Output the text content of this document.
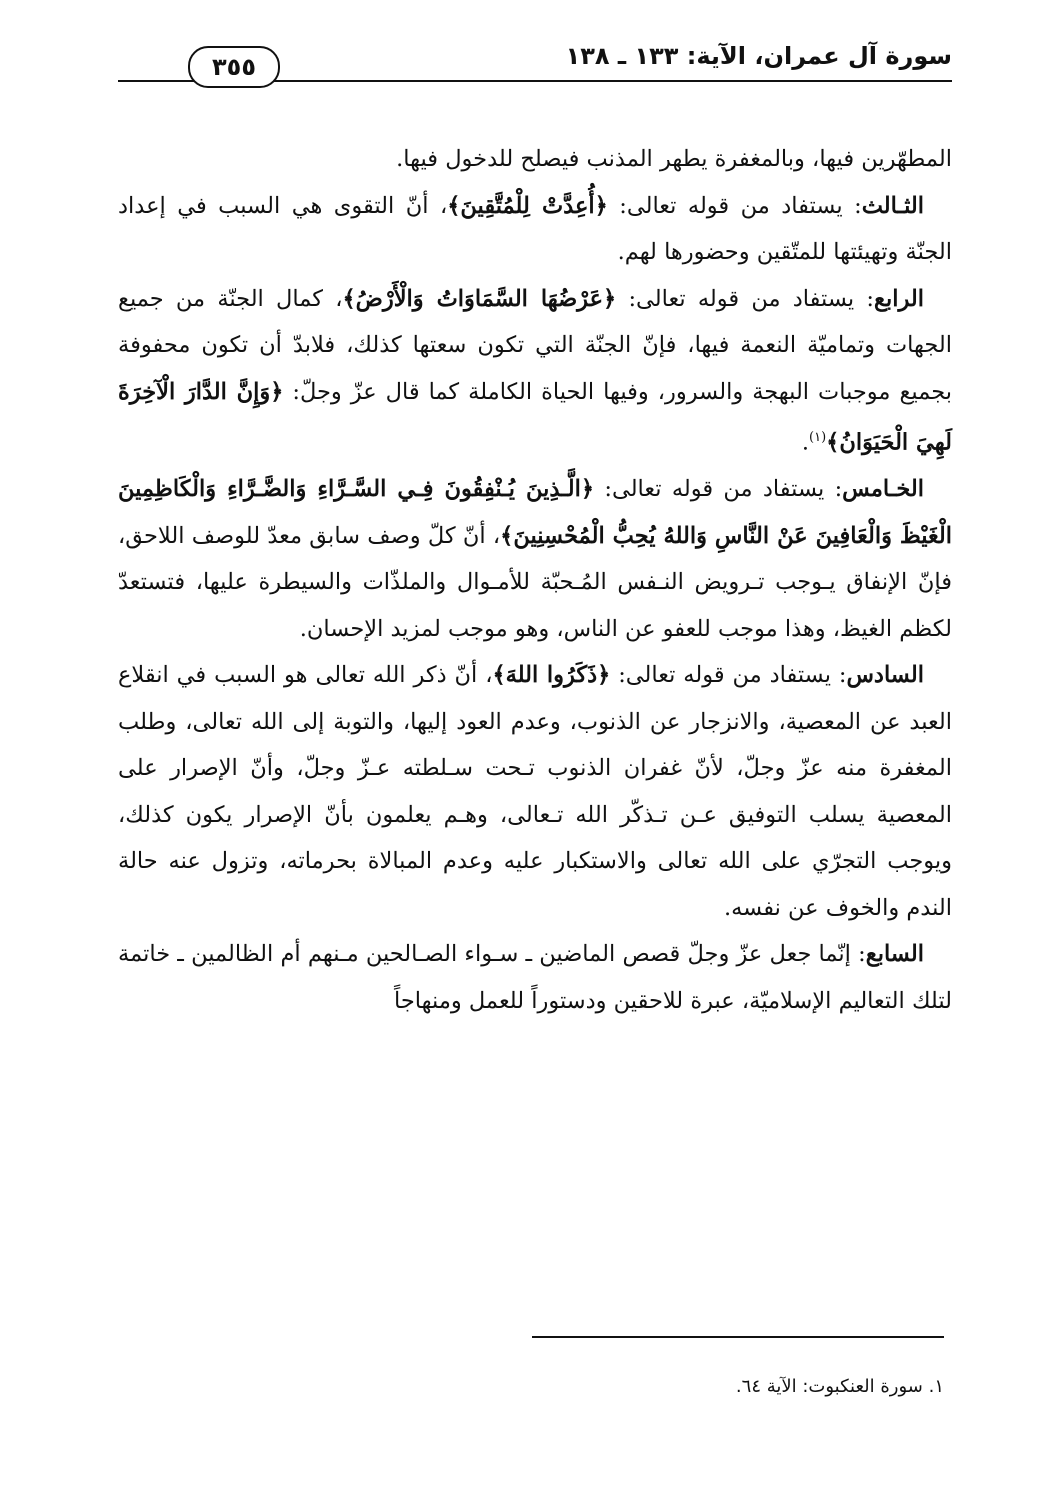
سورة آل عمران، الآية: ١٣٣ ـ ١٣٨
٣٥٥

المطهّرين فيها، وبالمغفرة يطهر المذنب فيصلح للدخول فيها.

الثـالث: يستفاد من قوله تعالى: ﴿أُعِدَّتْ لِلْمُتَّقِينَ﴾، أنّ التقوى هي السبب في إعداد الجنّة وتهيئتها للمتّقين وحضورها لهم.

الرابع: يستفاد من قوله تعالى: ﴿عَرْضُهَا السَّمَاوَاتُ وَالْأَرْضُ﴾، كمال الجنّة من جميع الجهات وتماميّة النعمة فيها، فإنّ الجنّة التي تكون سعتها كذلك، فلابدّ أن تكون محفوفة بجميع موجبات البهجة والسرور، وفيها الحياة الكاملة كما قال عزّ وجلّ: ﴿وَإِنَّ الدَّارَ الْآخِرَةَ لَهِيَ الْحَيَوَانُ﴾$^{(١)}$.

الخـامس: يستفاد من قوله تعالى: ﴿الَّـذِينَ يُـنْفِقُونَ فِـي السَّـرَّاءِ وَالضَّـرَّاءِ وَالْكَاظِمِينَ الْغَيْظَ وَالْعَافِينَ عَنْ النَّاسِ وَاللهُ يُحِبُّ الْمُحْسِنِينَ﴾، أنّ كلّ وصف سابق معدّ للوصف اللاحق، فإنّ الإنفاق يـوجب تـرويض النـفس المُـحبّة للأمـوال والملذّات والسيطرة عليها، فتستعدّ لكظم الغيظ، وهذا موجب للعفو عن الناس، وهو موجب لمزيد الإحسان.

السادس: يستفاد من قوله تعالى: ﴿ذَكَرُوا اللهَ﴾، أنّ ذكر الله تعالى هو السبب في انقلاع العبد عن المعصية، والانزجار عن الذنوب، وعدم العود إليها، والتوبة إلى الله تعالى، وطلب المغفرة منه عزّ وجلّ، لأنّ غفران الذنوب تـحت سـلطته عـزّ وجلّ، وأنّ الإصرار على المعصية يسلب التوفيق عـن تـذكّر الله تـعالى، وهـم يعلمون بأنّ الإصرار يكون كذلك، ويوجب التجرّي على الله تعالى والاستكبار عليه وعدم المبالاة بحرماته، وتزول عنه حالة الندم والخوف عن نفسه.

السابع: إنّما جعل عزّ وجلّ قصص الماضين ـ سـواء الصـالحين مـنهم أم الظالمين ـ خاتمة لتلك التعاليم الإسلاميّة، عبرة للاحقين ودستوراً للعمل ومنهاجاً

١. سورة العنكبوت: الآية ٦٤.
